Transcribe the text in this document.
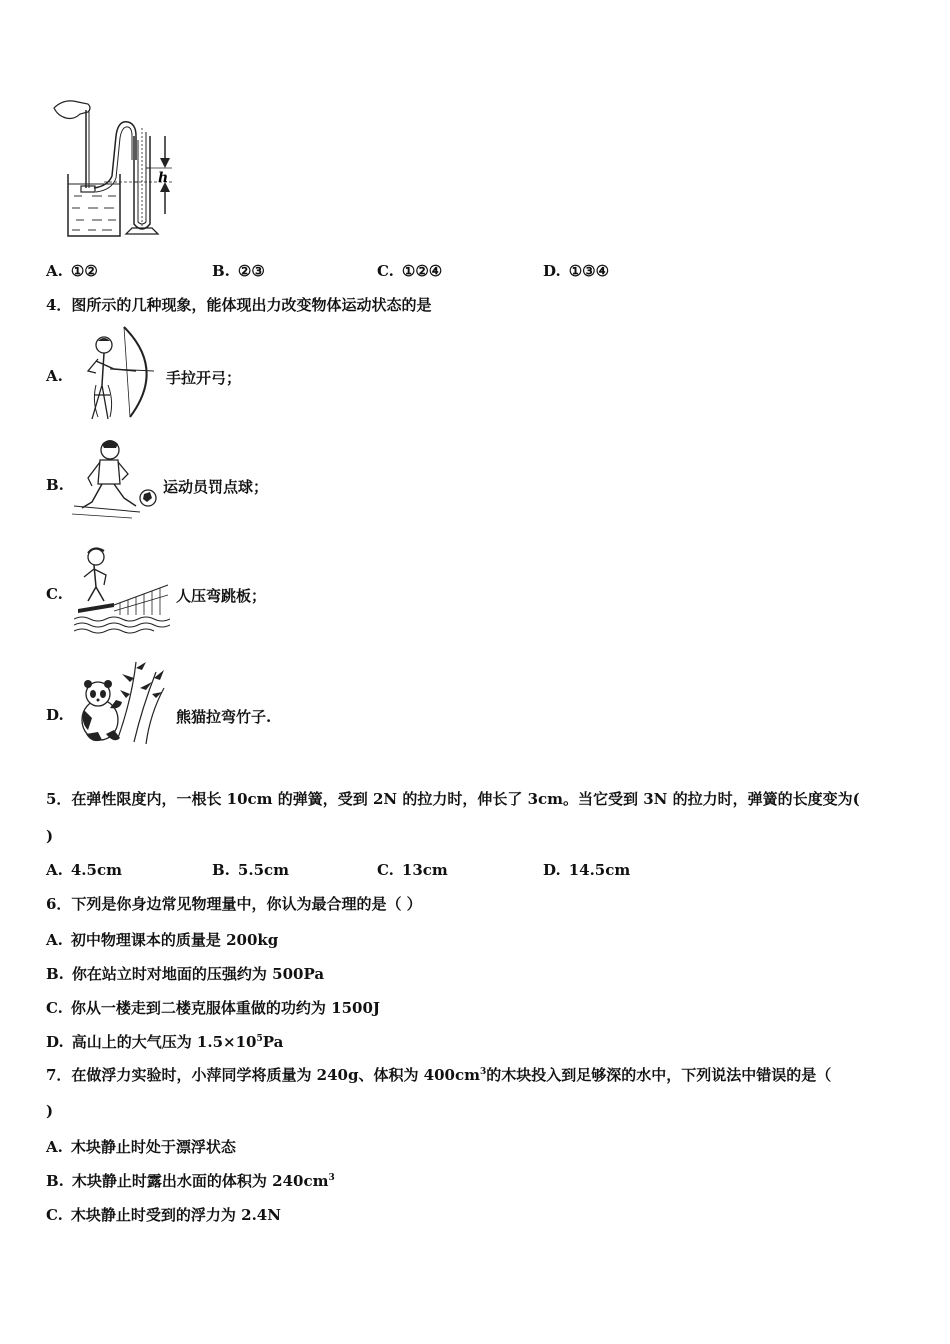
h
A. ①②	B. ②③	C. ①②④	D. ①③④
4．图所示的几种现象，能体现出力改变物体运动状态的是
A.	手拉开弓；
B.	运动员罚点球；
C.	人压弯跳板；
D.	熊猫拉弯竹子.
5．在弹性限度内，一根长 10cm 的弹簧，受到 2N 的拉力时，伸长了 3cm。当它受到 3N 的拉力时，弹簧的长度变为(
)
A. 4.5cm	B. 5.5cm	C. 13cm	D. 14.5cm
6．下列是你身边常见物理量中，你认为最合理的是（ ）
A. 初中物理课本的质量是 200kg
B. 你在站立时对地面的压强约为 500Pa
C. 你从一楼走到二楼克服体重做的功约为 1500J
D. 高山上的大气压为 $1.5\times 10^5Pa$
7．在做浮力实验时，小萍同学将质量为 240g、体积为 $400cm^3$的木块投入到足够深的水中，下列说法中错误的是（
)
A. 木块静止时处于漂浮状态
B. 木块静止时露出水面的体积为 $240cm^3$
C. 木块静止时受到的浮力为 2.4N
